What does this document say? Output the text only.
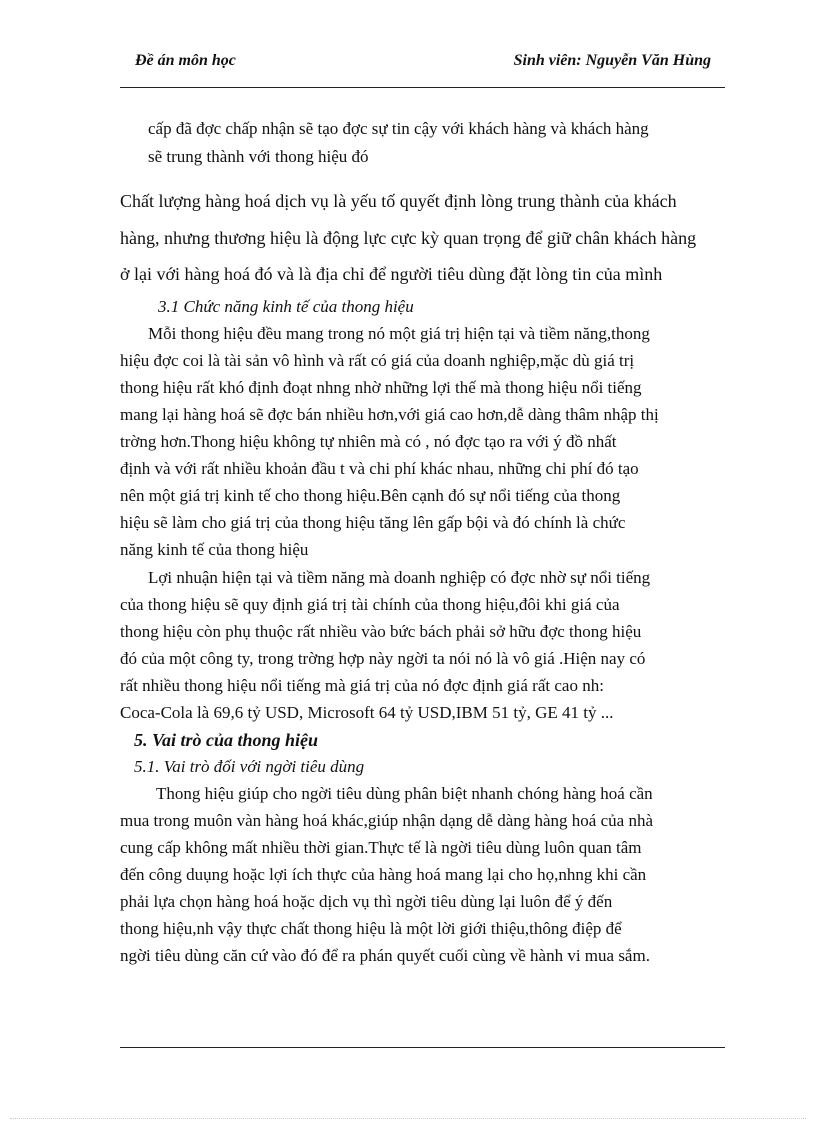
Đề án môn học	Sinh viên: Nguyễn Văn Hùng
cấp đã đợc chấp nhận sẽ tạo đợc sự tin cậy với khách hàng và khách hàng
sẽ trung thành với thong hiệu đó
Chất lượng hàng hoá dịch vụ là yếu tố quyết định lòng trung thành của khách
hàng, nhưng thương hiệu là động lực cực kỳ quan trọng để giữ chân khách hàng
ở lại với hàng hoá đó và là địa chỉ để người tiêu dùng đặt lòng tin của mình
3.1 Chức năng kinh tế của thong hiệu
Mỗi thong hiệu đều mang trong nó một giá trị hiện tại và tiềm năng,thong
hiệu đợc coi là tài sản vô hình và rất có giá của doanh nghiệp,mặc dù giá trị
thong hiệu rất khó định đoạt nhng nhờ những lợi thế mà thong hiệu nổi tiếng
mang lại hàng hoá sẽ đợc bán nhiều hơn,với giá cao hơn,dễ dàng thâm nhập thị
trờng hơn.Thong hiệu không tự nhiên mà có , nó đợc tạo ra với ý đồ nhất
định và với rất nhiều khoản đầu t và chi phí khác nhau, những chi phí đó tạo
nên một giá trị kinh tế cho thong hiệu.Bên cạnh đó sự nổi tiếng của thong
hiệu sẽ làm cho giá trị của thong hiệu tăng lên gấp bội và đó chính là chức
năng kinh tế của thong hiệu
Lợi nhuận hiện tại và tiềm năng mà doanh nghiệp có đợc nhờ sự nổi tiếng
của thong hiệu sẽ quy định giá trị tài chính của thong hiệu,đôi khi giá của
thong hiệu còn phụ thuộc rất nhiều vào bức bách phải sở hữu đợc thong hiệu
đó của một công ty, trong trờng hợp này ngời ta nói nó là vô giá .Hiện nay có
rất nhiều thong hiệu nổi tiếng mà giá trị của nó đợc định giá rất cao nh:
Coca-Cola là 69,6 tỷ USD, Microsoft 64 tỷ USD,IBM 51 tỷ, GE 41 tỷ ...
5. Vai trò của thong hiệu
5.1. Vai trò đối với ngời tiêu dùng
Thong hiệu giúp cho ngời tiêu dùng phân biệt nhanh chóng hàng hoá cần
mua trong muôn vàn hàng hoá khác,giúp nhận dạng dễ dàng hàng hoá của nhà
cung cấp không mất nhiều thời gian.Thực tế là ngời tiêu dùng luôn quan tâm
đến công duụng hoặc lợi ích thực của hàng hoá mang lại cho họ,nhng khi cần
phải lựa chọn hàng hoá hoặc dịch vụ thì ngời tiêu dùng lại luôn để ý đến
thong hiệu,nh vậy thực chất thong hiệu là một lời giới thiệu,thông điệp để
ngời tiêu dùng căn cứ vào đó để ra phán quyết cuối cùng về hành vi mua sắm.
